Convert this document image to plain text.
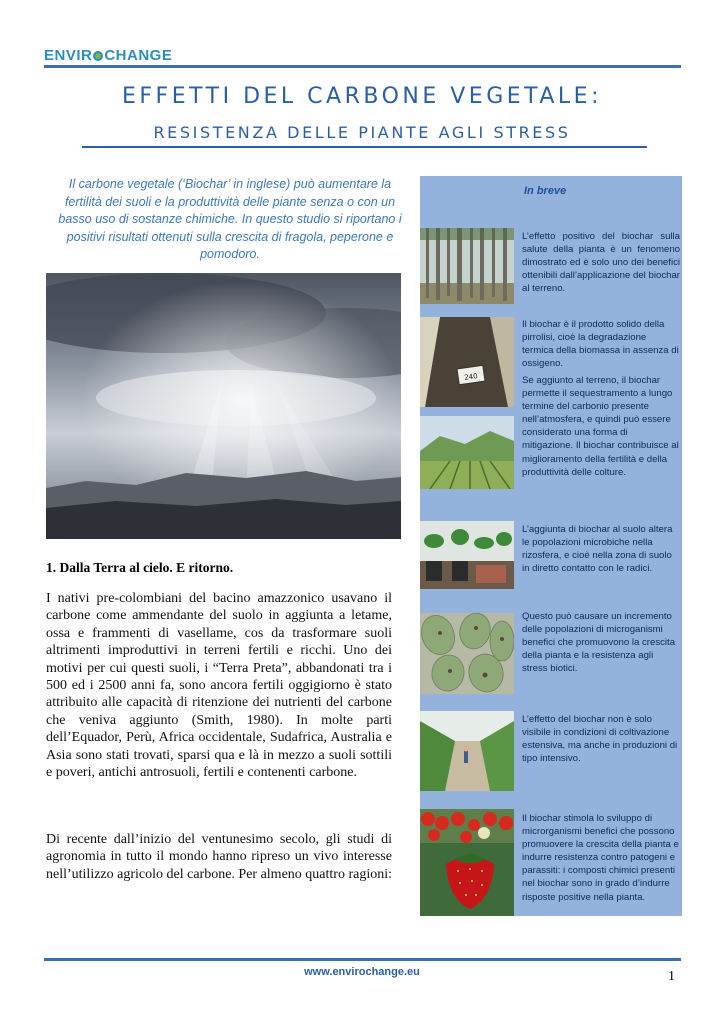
ENVIR CHANGE
EFFETTI DEL CARBONE VEGETALE:
RESISTENZA DELLE PIANTE AGLI STRESS
Il carbone vegetale (‘Biochar’ in inglese) può aumentare la fertilità dei suoli e la produttività delle piante senza o con un basso uso di sostanze chimiche. In questo studio si riportano i positivi risultati ottenuti sulla crescita di fragola, peperone e pomodoro.
1. Dalla Terra al cielo. E ritorno.

I nativi pre-colombiani del bacino amazzonico usavano il carbone come ammendante del suolo in aggiunta a letame, ossa e frammenti di vasellame, cos da trasformare suoli altrimenti improduttivi in terreni fertili e ricchi. Uno dei motivi per cui questi suoli, i “Terra Preta”, abbandonati tra i 500 ed i 2500 anni fa, sono ancora fertili oggigiorno è stato attribuito alle capacità di ritenzione dei nutrienti del carbone che veniva aggiunto (Smith, 1980). In molte parti dell’Equador, Perù, Africa occidentale, Sudafrica, Australia e Asia sono stati trovati, sparsi qua e là in mezzo a suoli sottili e poveri, antichi antrosuoli, fertili e contenenti carbone.

Di recente dall’inizio del ventunesimo secolo, gli studi di agronomia in tutto il mondo hanno ripreso un vivo interesse nell’utilizzo agricolo del carbone. Per almeno quattro ragioni:

In breve
240

L’effetto positivo del biochar sulla salute della pianta è un fenomeno dimostrato ed è solo uno dei benefici ottenibili dall’applicazione del biochar al terreno.

Il biochar è il prodotto solido della pirrolisi, cioè la degradazione termica della biomassa in assenza di ossigeno.

Se aggiunto al terreno, il biochar permette il sequestramento a lungo termine del carbonio presente nell’atmosfera, e quindi può essere considerato una forma di mitigazione. Il biochar contribuisce al miglioramento della fertilità e della produttività delle colture.

L’aggiunta di biochar al suolo altera le popolazioni microbiche nella rizosfera, e cioè nella zona di suolo in diretto contatto con le radici.

Questo può causare un incremento delle popolazioni di microganismi benefici che promuovono la crescita della pianta e la resistenza agli stress biotici.

L’effetto del biochar non è solo visibile in condizioni di coltivazione estensiva, ma anche in produzioni di tipo intensivo.

Il biochar stimola lo sviluppo di microrganismi benefici che possono promuovere la crescita della pianta e indurre resistenza contro patogeni e parassiti: i composti chimici presenti nel biochar sono in grado d’indurre risposte positive nella pianta.

www.envirochange.eu	1
